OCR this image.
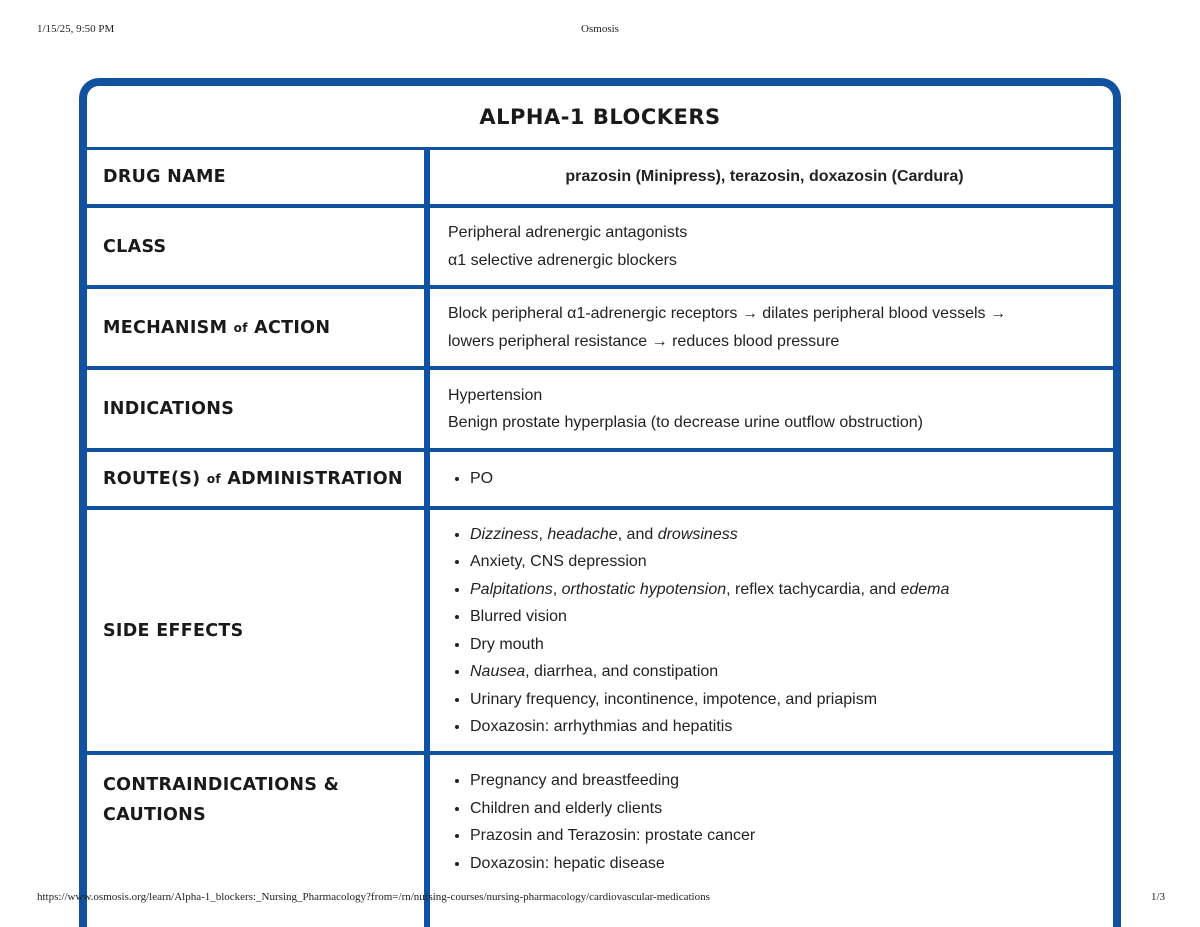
1/15/25, 9:50 PM	Osmosis
ALPHA-1 BLOCKERS
DRUG NAME	prazosin (Minipress), terazosin, doxazosin (Cardura)
CLASS
Peripheral adrenergic antagonists
α1 selective adrenergic blockers
MECHANISM of ACTION
Block peripheral α1-adrenergic receptors → dilates peripheral blood vessels →
lowers peripheral resistance → reduces blood pressure
INDICATIONS
Hypertension
Benign prostate hyperplasia (to decrease urine outflow obstruction)
ROUTE(S) of ADMINISTRATION
•	PO
SIDE EFFECTS
• Dizziness, headache, and drowsiness
• Anxiety, CNS depression
• Palpitations, orthostatic hypotension, reflex tachycardia, and edema
• Blurred vision
• Dry mouth
• Nausea, diarrhea, and constipation
• Urinary frequency, incontinence, impotence, and priapism
• Doxazosin: arrhythmias and hepatitis
CONTRAINDICATIONS &
CAUTIONS
• Pregnancy and breastfeeding
• Children and elderly clients
• Prazosin and Terazosin: prostate cancer
• Doxazosin: hepatic disease
https://www.osmosis.org/learn/Alpha-1_blockers:_Nursing_Pharmacology?from=/rn/nursing-courses/nursing-pharmacology/cardiovascular-medications	1/3
